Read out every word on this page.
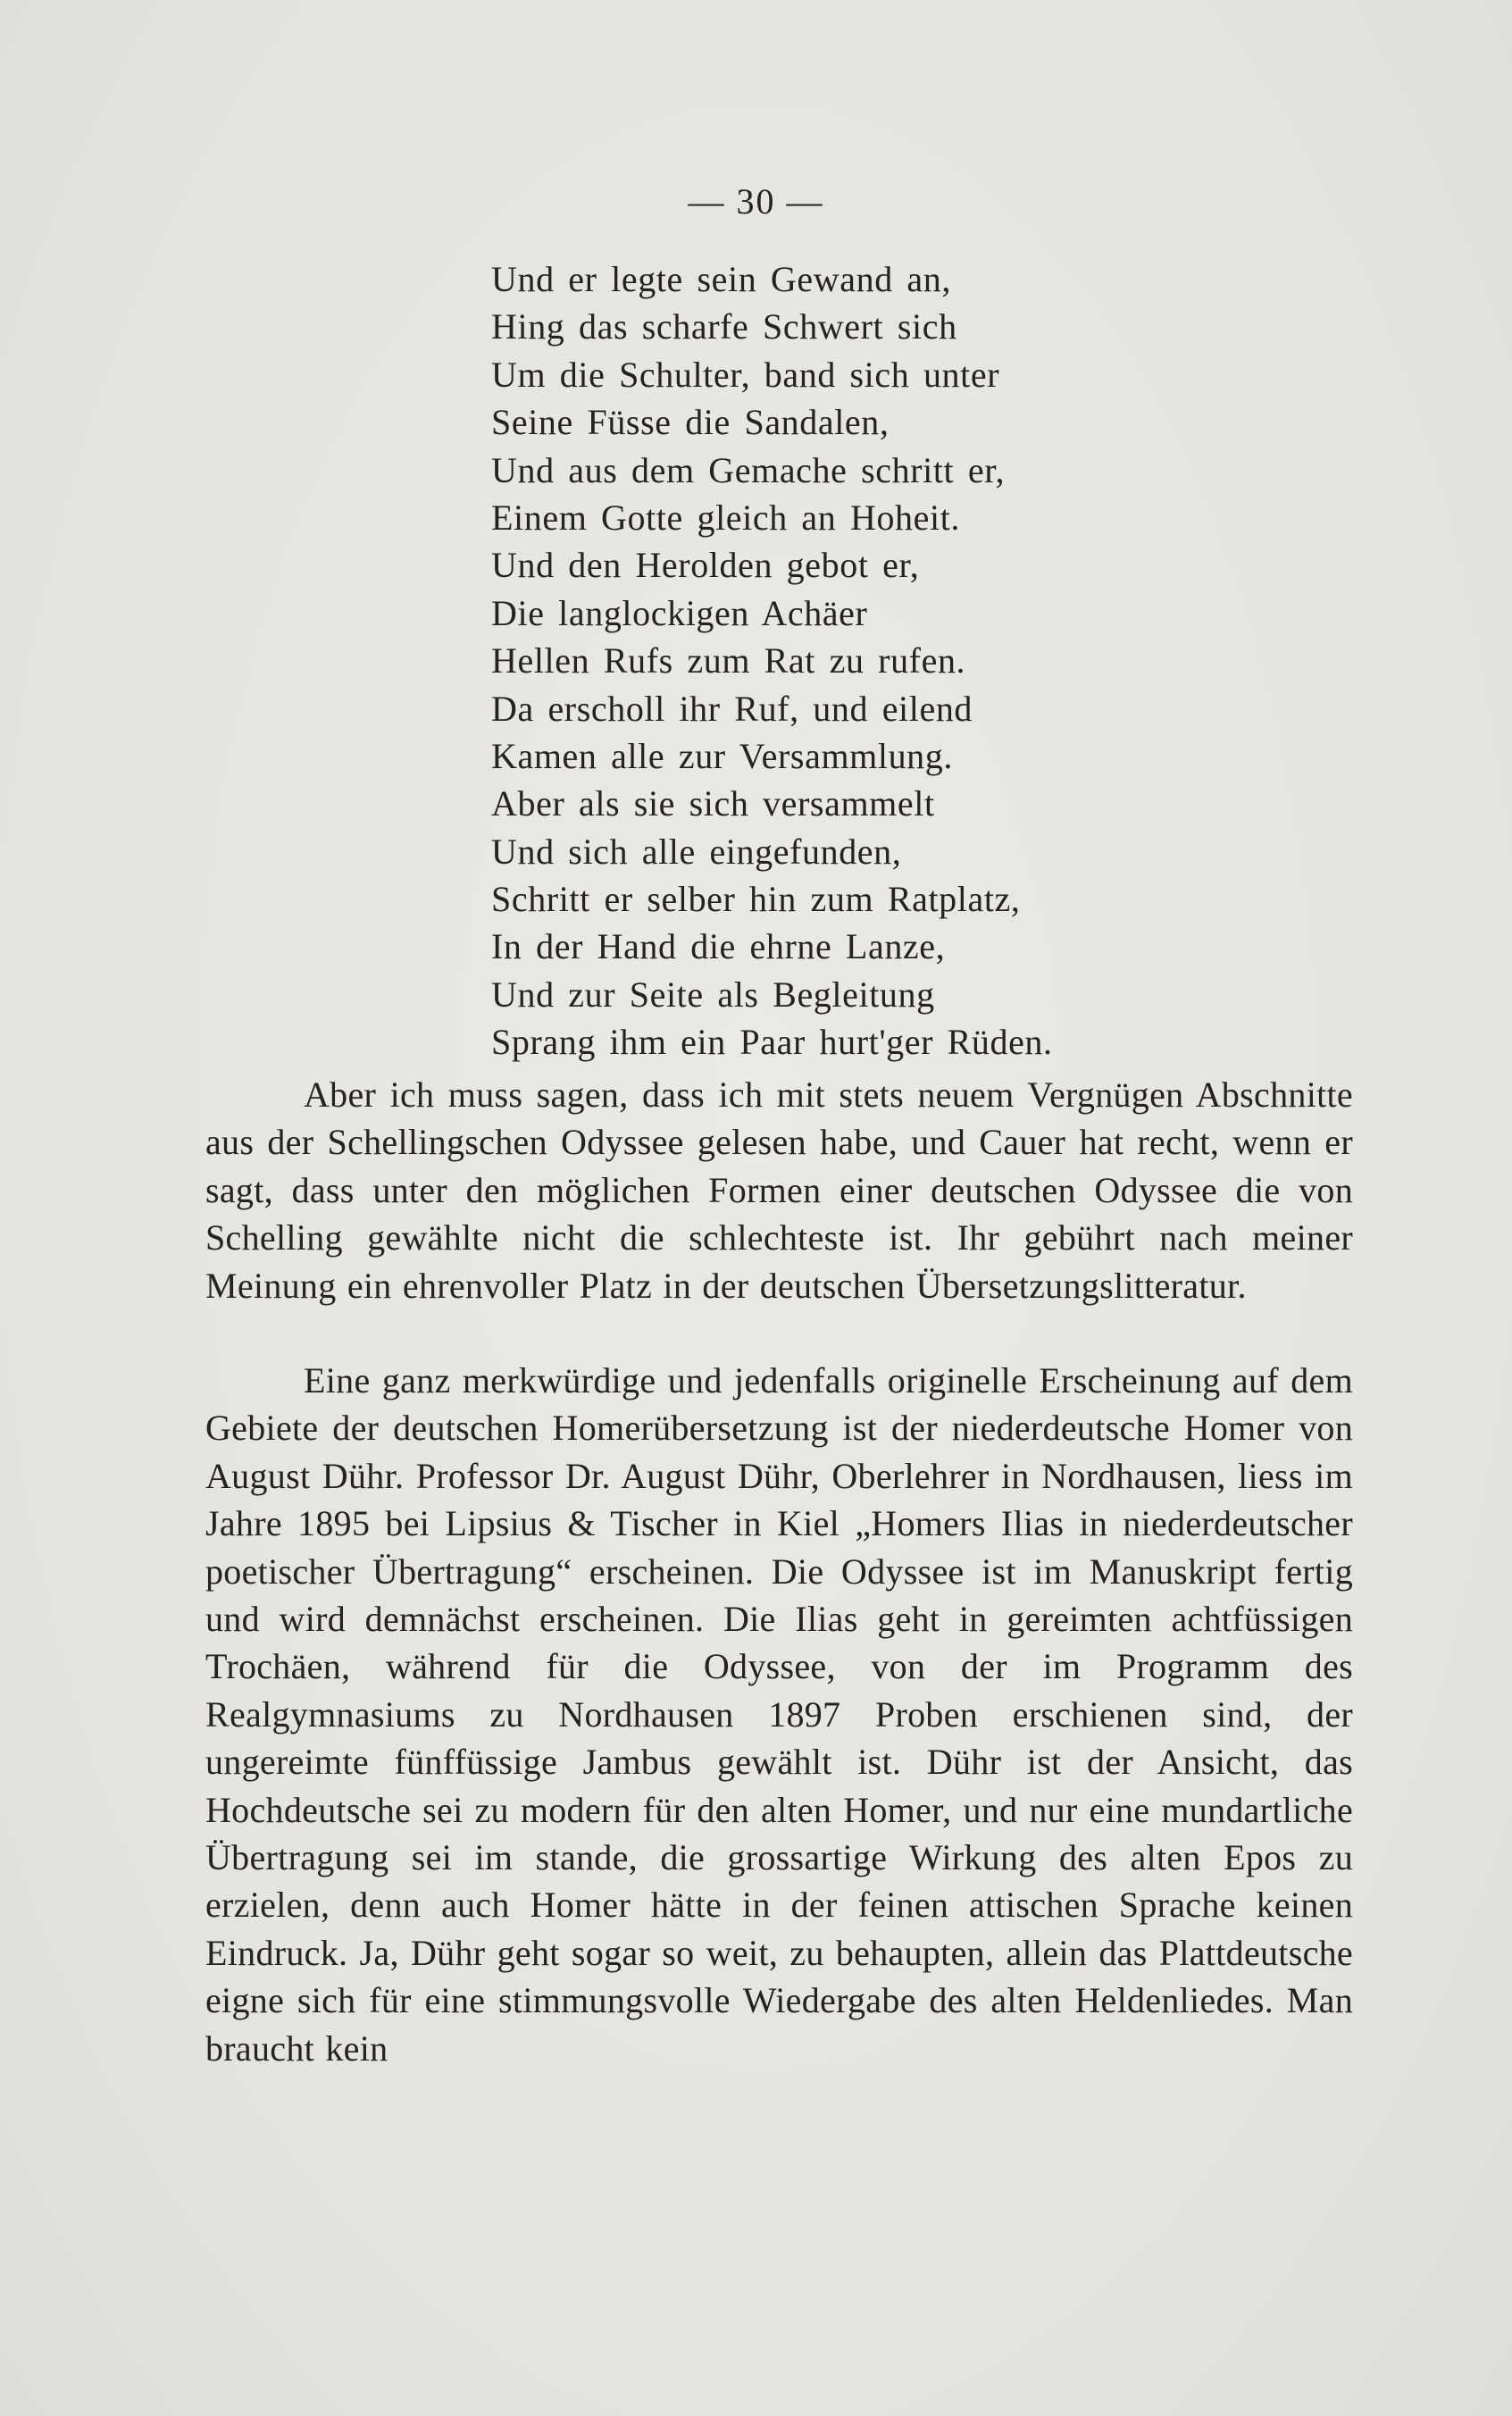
— 30 —
Und er legte sein Gewand an,
Hing das scharfe Schwert sich
Um die Schulter, band sich unter
Seine Füsse die Sandalen,
Und aus dem Gemache schritt er,
Einem Gotte gleich an Hoheit.
Und den Herolden gebot er,
Die langlockigen Achäer
Hellen Rufs zum Rat zu rufen.
Da erscholl ihr Ruf, und eilend
Kamen alle zur Versammlung.
Aber als sie sich versammelt
Und sich alle eingefunden,
Schritt er selber hin zum Ratplatz,
In der Hand die ehrne Lanze,
Und zur Seite als Begleitung
Sprang ihm ein Paar hurt'ger Rüden.

Aber ich muss sagen, dass ich mit stets neuem Vergnügen Abschnitte aus der Schellingschen Odyssee gelesen habe, und Cauer hat recht, wenn er sagt, dass unter den möglichen Formen einer deutschen Odyssee die von Schelling gewählte nicht die schlechteste ist. Ihr gebührt nach meiner Meinung ein ehrenvoller Platz in der deutschen Übersetzungslitteratur.

Eine ganz merkwürdige und jedenfalls originelle Erscheinung auf dem Gebiete der deutschen Homerübersetzung ist der niederdeutsche Homer von August Dühr. Professor Dr. August Dühr, Oberlehrer in Nordhausen, liess im Jahre 1895 bei Lipsius & Tischer in Kiel „Homers Ilias in niederdeutscher poetischer Übertragung“ erscheinen. Die Odyssee ist im Manuskript fertig und wird demnächst erscheinen. Die Ilias geht in gereimten achtfüssigen Trochäen, während für die Odyssee, von der im Programm des Realgymnasiums zu Nordhausen 1897 Proben erschienen sind, der ungereimte fünffüssige Jambus gewählt ist. Dühr ist der Ansicht, das Hochdeutsche sei zu modern für den alten Homer, und nur eine mundartliche Übertragung sei im stande, die grossartige Wirkung des alten Epos zu erzielen, denn auch Homer hätte in der feinen attischen Sprache keinen Eindruck. Ja, Dühr geht sogar so weit, zu behaupten, allein das Plattdeutsche eigne sich für eine stimmungsvolle Wiedergabe des alten Heldenliedes. Man braucht kein
